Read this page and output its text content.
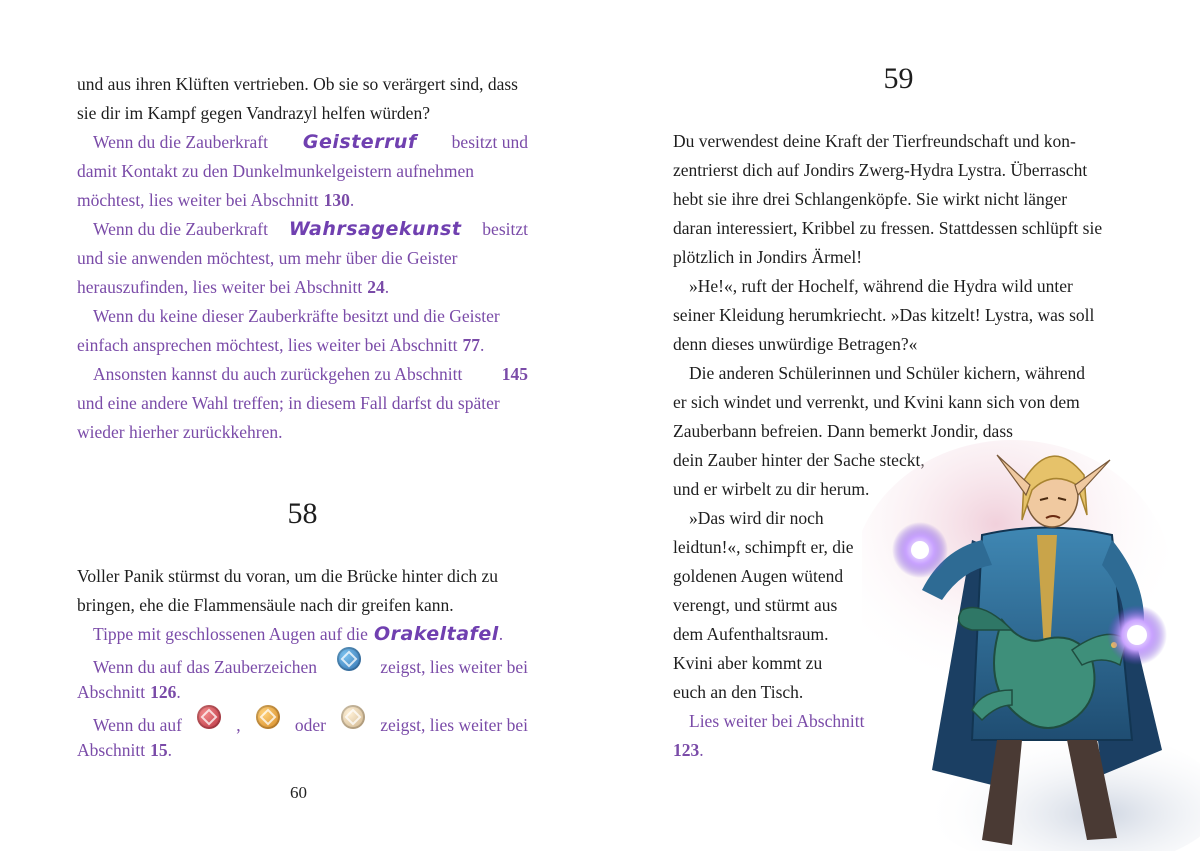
und aus ihren Klüften vertrieben. Ob sie so verärgert sind, dass
sie dir im Kampf gegen Vandrazyl helfen würden?
Wenn du die Zauberkraft Geisterruf besitzt und
damit Kontakt zu den Dunkelmunkelgeistern aufnehmen
möchtest, lies weiter bei Abschnitt 130.
Wenn du die Zauberkraft Wahrsagekunst besitzt
und sie anwenden möchtest, um mehr über die Geister
herauszufinden, lies weiter bei Abschnitt 24.
Wenn du keine dieser Zauberkräfte besitzt und die Geister
einfach ansprechen möchtest, lies weiter bei Abschnitt 77.
Ansonsten kannst du auch zurückgehen zu Abschnitt 145
und eine andere Wahl treffen; in diesem Fall darfst du später
wieder hierher zurückkehren.
58
Voller Panik stürmst du voran, um die Brücke hinter dich zu
bringen, ehe die Flammensäule nach dir greifen kann.
Tippe mit geschlossenen Augen auf die Orakeltafel.
Wenn du auf das Zauberzeichen	zeigst, lies weiter bei
Abschnitt 126.
Wenn du auf	,	oder	zeigst, lies weiter bei
Abschnitt 15.
60
59
Du verwendest deine Kraft der Tierfreundschaft und kon-
zentrierst dich auf Jondirs Zwerg-Hydra Lystra. Überrascht
hebt sie ihre drei Schlangenköpfe. Sie wirkt nicht länger
daran interessiert, Kribbel zu fressen. Stattdessen schlüpft sie
plötzlich in Jondirs Ärmel!
»He!«, ruft der Hochelf, während die Hydra wild unter
seiner Kleidung herumkriecht. »Das kitzelt! Lystra, was soll
denn dieses unwürdige Betragen?«
Die anderen Schülerinnen und Schüler kichern, während
er sich windet und verrenkt, und Kvini kann sich von dem
Zauberbann befreien. Dann bemerkt Jondir, dass
dein Zauber hinter der Sache steckt,
und er wirbelt zu dir herum.
»Das wird dir noch
leidtun!«, schimpft er, die
goldenen Augen wütend
verengt, und stürmt aus
dem Aufenthaltsraum.
Kvini aber kommt zu
euch an den Tisch.
Lies weiter bei Abschnitt
123.
